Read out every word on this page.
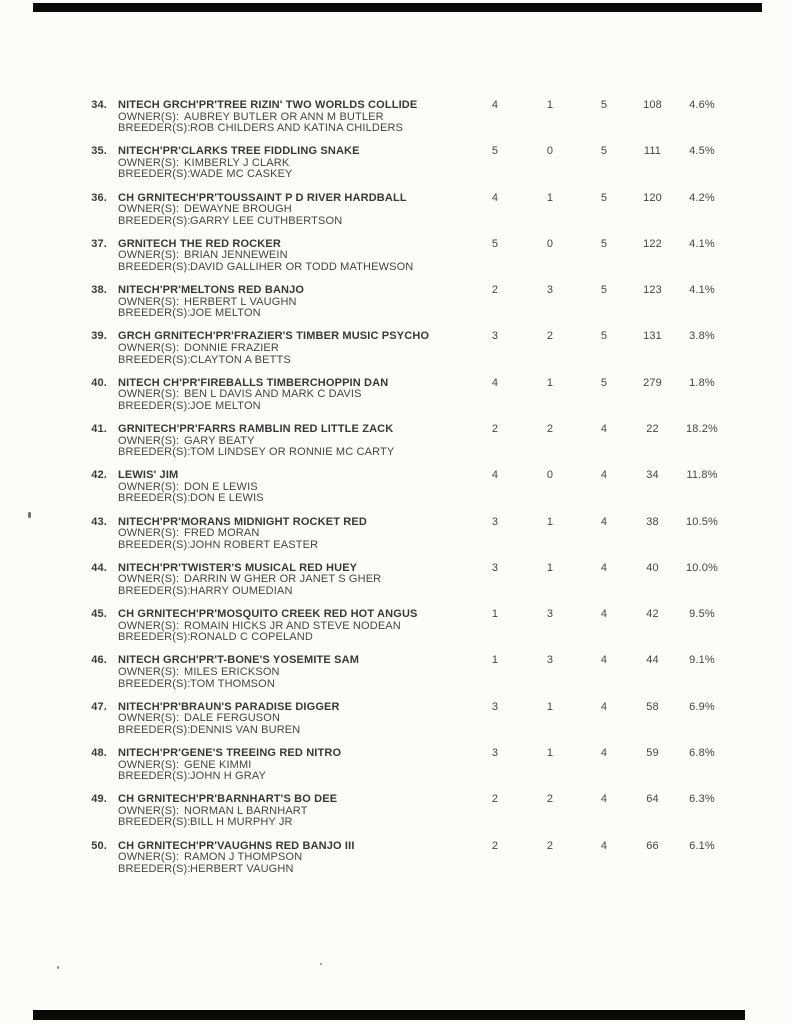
34. NITECH GRCH'PR'TREE RIZIN' TWO WORLDS COLLIDE
OWNER(S): AUBREY BUTLER OR ANN M BUTLER
BREEDER(S):ROB CHILDERS AND KATINA CHILDERS
4	1	5	108	4.6%
35. NITECH'PR'CLARKS TREE FIDDLING SNAKE
OWNER(S): KIMBERLY J CLARK
BREEDER(S):WADE MC CASKEY
5	0	5	111	4.5%
36. CH GRNITECH'PR'TOUSSAINT P D RIVER HARDBALL
OWNER(S): DEWAYNE BROUGH
BREEDER(S):GARRY LEE CUTHBERTSON
4	1	5	120	4.2%
37. GRNITECH THE RED ROCKER
OWNER(S): BRIAN JENNEWEIN
BREEDER(S):DAVID GALLIHER OR TODD MATHEWSON
5	0	5	122	4.1%
38. NITECH'PR'MELTONS RED BANJO
OWNER(S): HERBERT L VAUGHN
BREEDER(S):JOE MELTON
2	3	5	123	4.1%
39. GRCH GRNITECH'PR'FRAZIER'S TIMBER MUSIC PSYCHO
OWNER(S): DONNIE FRAZIER
BREEDER(S):CLAYTON A BETTS
3	2	5	131	3.8%
40. NITECH CH'PR'FIREBALLS TIMBERCHOPPIN DAN
OWNER(S): BEN L DAVIS AND MARK C DAVIS
BREEDER(S):JOE MELTON
4	1	5	279	1.8%
41. GRNITECH'PR'FARRS RAMBLIN RED LITTLE ZACK
OWNER(S): GARY BEATY
BREEDER(S):TOM LINDSEY OR RONNIE MC CARTY
2	2	4	22	18.2%
42. LEWIS' JIM
OWNER(S): DON E LEWIS
BREEDER(S):DON E LEWIS
4	0	4	34	11.8%
43. NITECH'PR'MORANS MIDNIGHT ROCKET RED
OWNER(S): FRED MORAN
BREEDER(S):JOHN ROBERT EASTER
3	1	4	38	10.5%
44. NITECH'PR'TWISTER'S MUSICAL RED HUEY
OWNER(S): DARRIN W GHER OR JANET S GHER
BREEDER(S):HARRY OUMEDIAN
3	1	4	40	10.0%
45. CH GRNITECH'PR'MOSQUITO CREEK RED HOT ANGUS
OWNER(S): ROMAIN HICKS JR AND STEVE NODEAN
BREEDER(S):RONALD C COPELAND
1	3	4	42	9.5%
46. NITECH GRCH'PR'T-BONE'S YOSEMITE SAM
OWNER(S): MILES ERICKSON
BREEDER(S):TOM THOMSON
1	3	4	44	9.1%
47. NITECH'PR'BRAUN'S PARADISE DIGGER
OWNER(S): DALE FERGUSON
BREEDER(S):DENNIS VAN BUREN
3	1	4	58	6.9%
48. NITECH'PR'GENE'S TREEING RED NITRO
OWNER(S): GENE KIMMI
BREEDER(S):JOHN H GRAY
3	1	4	59	6.8%
49. CH GRNITECH'PR'BARNHART'S BO DEE
OWNER(S): NORMAN L BARNHART
BREEDER(S):BILL H MURPHY JR
2	2	4	64	6.3%
50. CH GRNITECH'PR'VAUGHNS RED BANJO III
OWNER(S): RAMON J THOMPSON
BREEDER(S):HERBERT VAUGHN
2	2	4	66	6.1%
